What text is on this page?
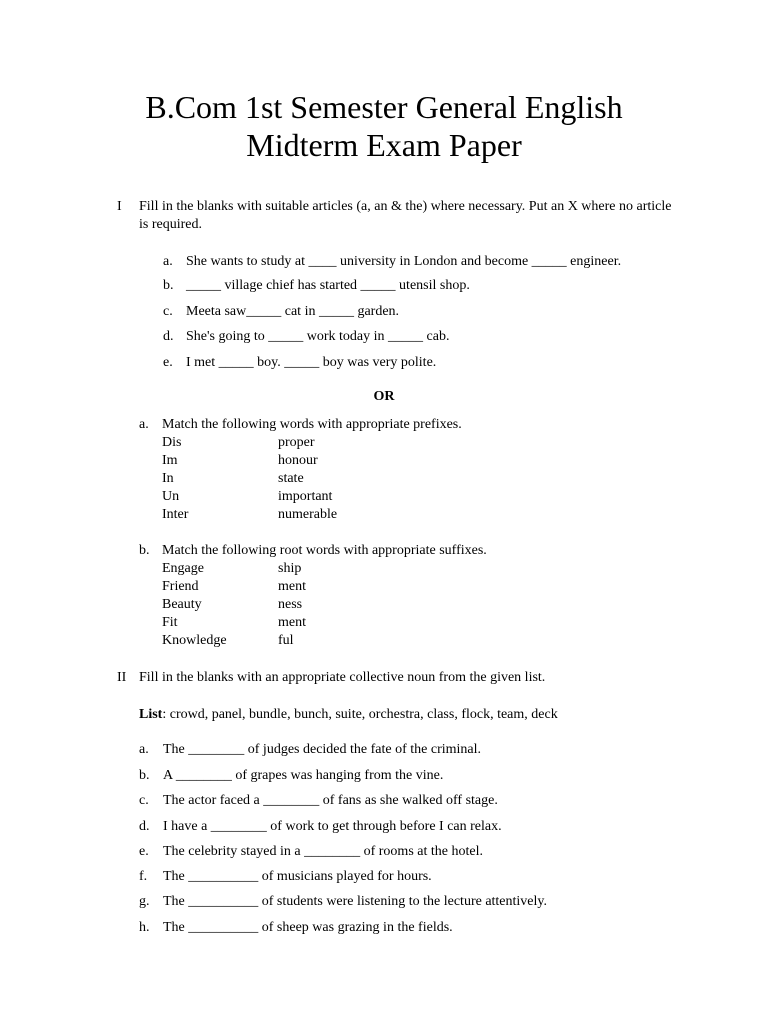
B.Com 1st Semester General English
Midterm Exam Paper
I Fill in the blanks with suitable articles (a, an & the) where necessary. Put an X where no article is required.
a. She wants to study at ____ university in London and become _____ engineer.
b. _____ village chief has started _____ utensil shop.
c. Meeta saw_____ cat in _____ garden.
d. She's going to _____ work today in _____ cab.
e. I met _____ boy. _____ boy was very polite.
OR
a. Match the following words with appropriate prefixes.
Dis	proper
Im	honour
In	state
Un	important
Inter	numerable
b. Match the following root words with appropriate suffixes.
Engage	ship
Friend	ment
Beauty	ness
Fit	ment
Knowledge	ful
II Fill in the blanks with an appropriate collective noun from the given list.
List: crowd, panel, bundle, bunch, suite, orchestra, class, flock, team, deck
a. The ________ of judges decided the fate of the criminal.
b. A ________ of grapes was hanging from the vine.
c. The actor faced a ________ of fans as she walked off stage.
d. I have a ________ of work to get through before I can relax.
e. The celebrity stayed in a ________ of rooms at the hotel.
f. The __________ of musicians played for hours.
g. The __________ of students were listening to the lecture attentively.
h. The __________ of sheep was grazing in the fields.
